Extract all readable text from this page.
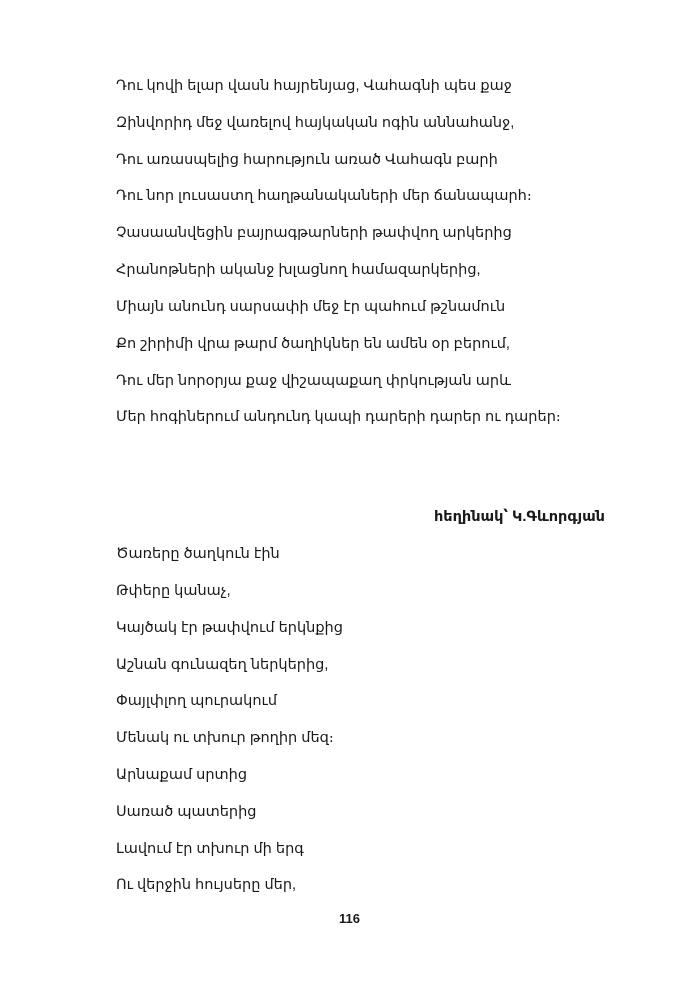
Դու կովի ելար վասն հայրենյաց, Վահագնի պես քաջ

Զինվորիդ մեջ վառելով հայկական ոգին աննահանջ,

Դու առասպելից հարություն առած Վահագն բարի

Դու նոր լուսաստղ հաղթանակաների մեր ճանապարհ։

Չասաանվեցին բայրագթարների թափվող արկերից

Հրանոթների ականջ խլացնող համազարկերից,

Միայն անունդ սարսափի մեջ էր պահում թշնամուն

Քո շիրիմի վրա թարմ ծաղիկներ են ամեն օր բերում,

Դու մեր նորօրյա քաջ վիշապաքաղ փրկության արև

Մեր հոգիներում անդունդ կապի դարերի դարեր ու դարեր։

հեղինակ՝ Կ.Գևորգյան

Ծառերը ծաղկուն էին

Թփերը կանաչ,

Կայծակ էր թափվում երկնքից

Աշնան գունազեղ ներկերից,

Փայլփլող պուրակում

Մենակ ու տխուր թողիր մեզ։

Արնաքամ սրտից

Սառած պատերից

Լավում էր տխուր մի երգ

Ու վերջին հույսերը մեր,

116
